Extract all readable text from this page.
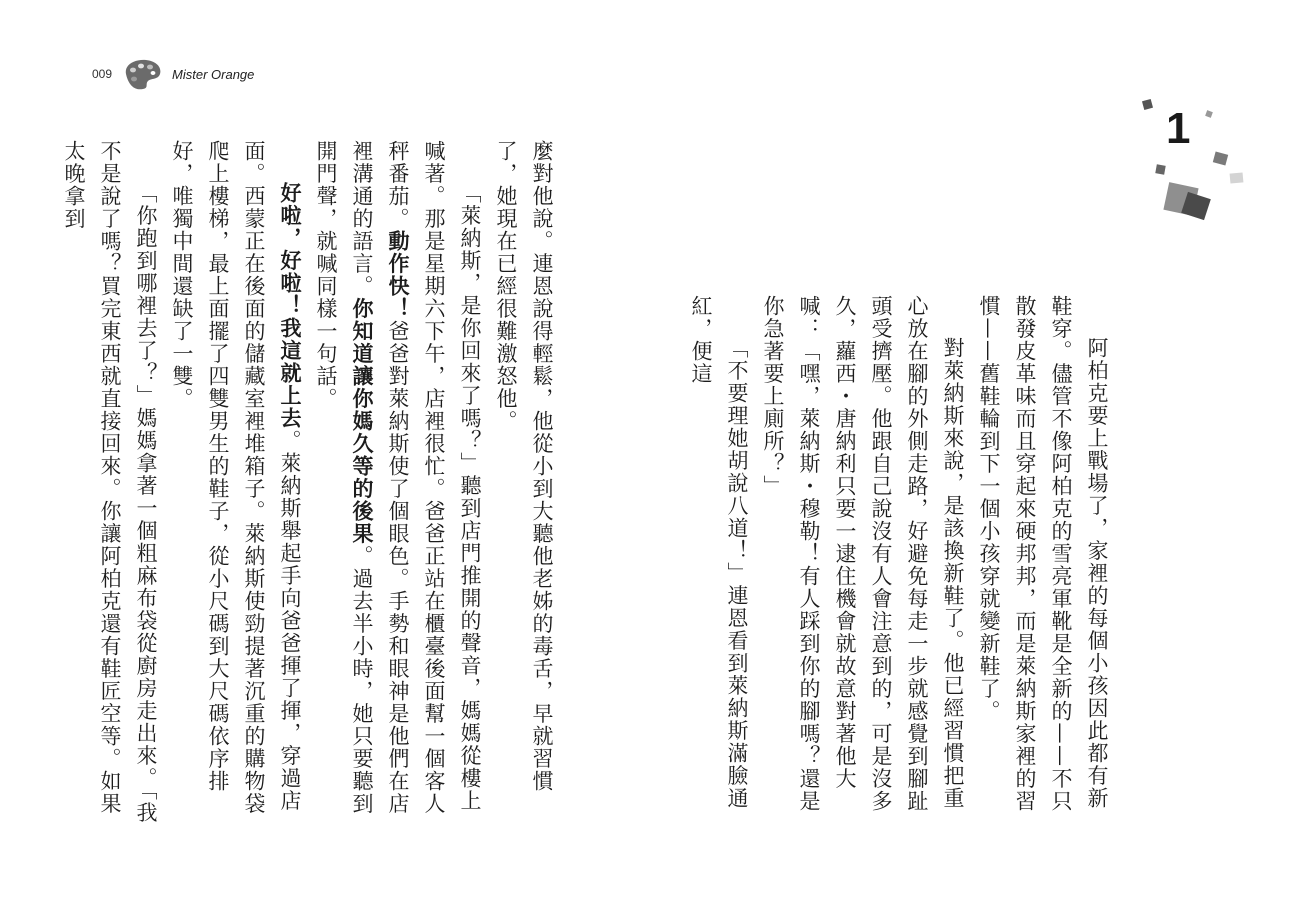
009	Mister Orange

麼對他說。連恩說得輕鬆，他從小到大聽他老姊的毒舌，早就習慣了，她現在已經很難激怒他。

「萊納斯，是你回來了嗎？」聽到店門推開的聲音，媽媽從樓上喊著。那是星期六下午，店裡很忙。爸爸正站在櫃臺後面幫一個客人秤番茄。動作快！爸爸對萊納斯使了個眼色。手勢和眼神是他們在店裡溝通的語言。你知道讓你媽久等的後果。過去半小時，她只要聽到開門聲，就喊同樣一句話。

好啦，好啦！我這就上去。萊納斯舉起手向爸爸揮了揮，穿過店面。西蒙正在後面的儲藏室裡堆箱子。萊納斯使勁提著沉重的購物袋爬上樓梯，最上面擺了四雙男生的鞋子，從小尺碼到大尺碼依序排好，唯獨中間還缺了一雙。

「你跑到哪裡去了？」媽媽拿著一個粗麻布袋從廚房走出來。「我不是說了嗎？買完東西就直接回來。你讓阿柏克還有鞋匠空等。如果太晚拿到

阿柏克要上戰場了，家裡的每個小孩因此都有新鞋穿。儘管不像阿柏克的雪亮軍靴是全新的——不只散發皮革味而且穿起來硬邦邦，而是萊納斯家裡的習慣——舊鞋輪到下一個小孩穿就變新鞋了。

對萊納斯來說，是該換新鞋了。他已經習慣把重心放在腳的外側走路，好避免每走一步就感覺到腳趾頭受擠壓。他跟自己說沒有人會注意到的，可是沒多久，蘿西・唐納利只要一逮住機會就故意對著他大喊：「嘿，萊納斯・穆勒！有人踩到你的腳嗎？還是你急著要上廁所？」

「不要理她胡說八道！」連恩看到萊納斯滿臉通紅，便這

1
